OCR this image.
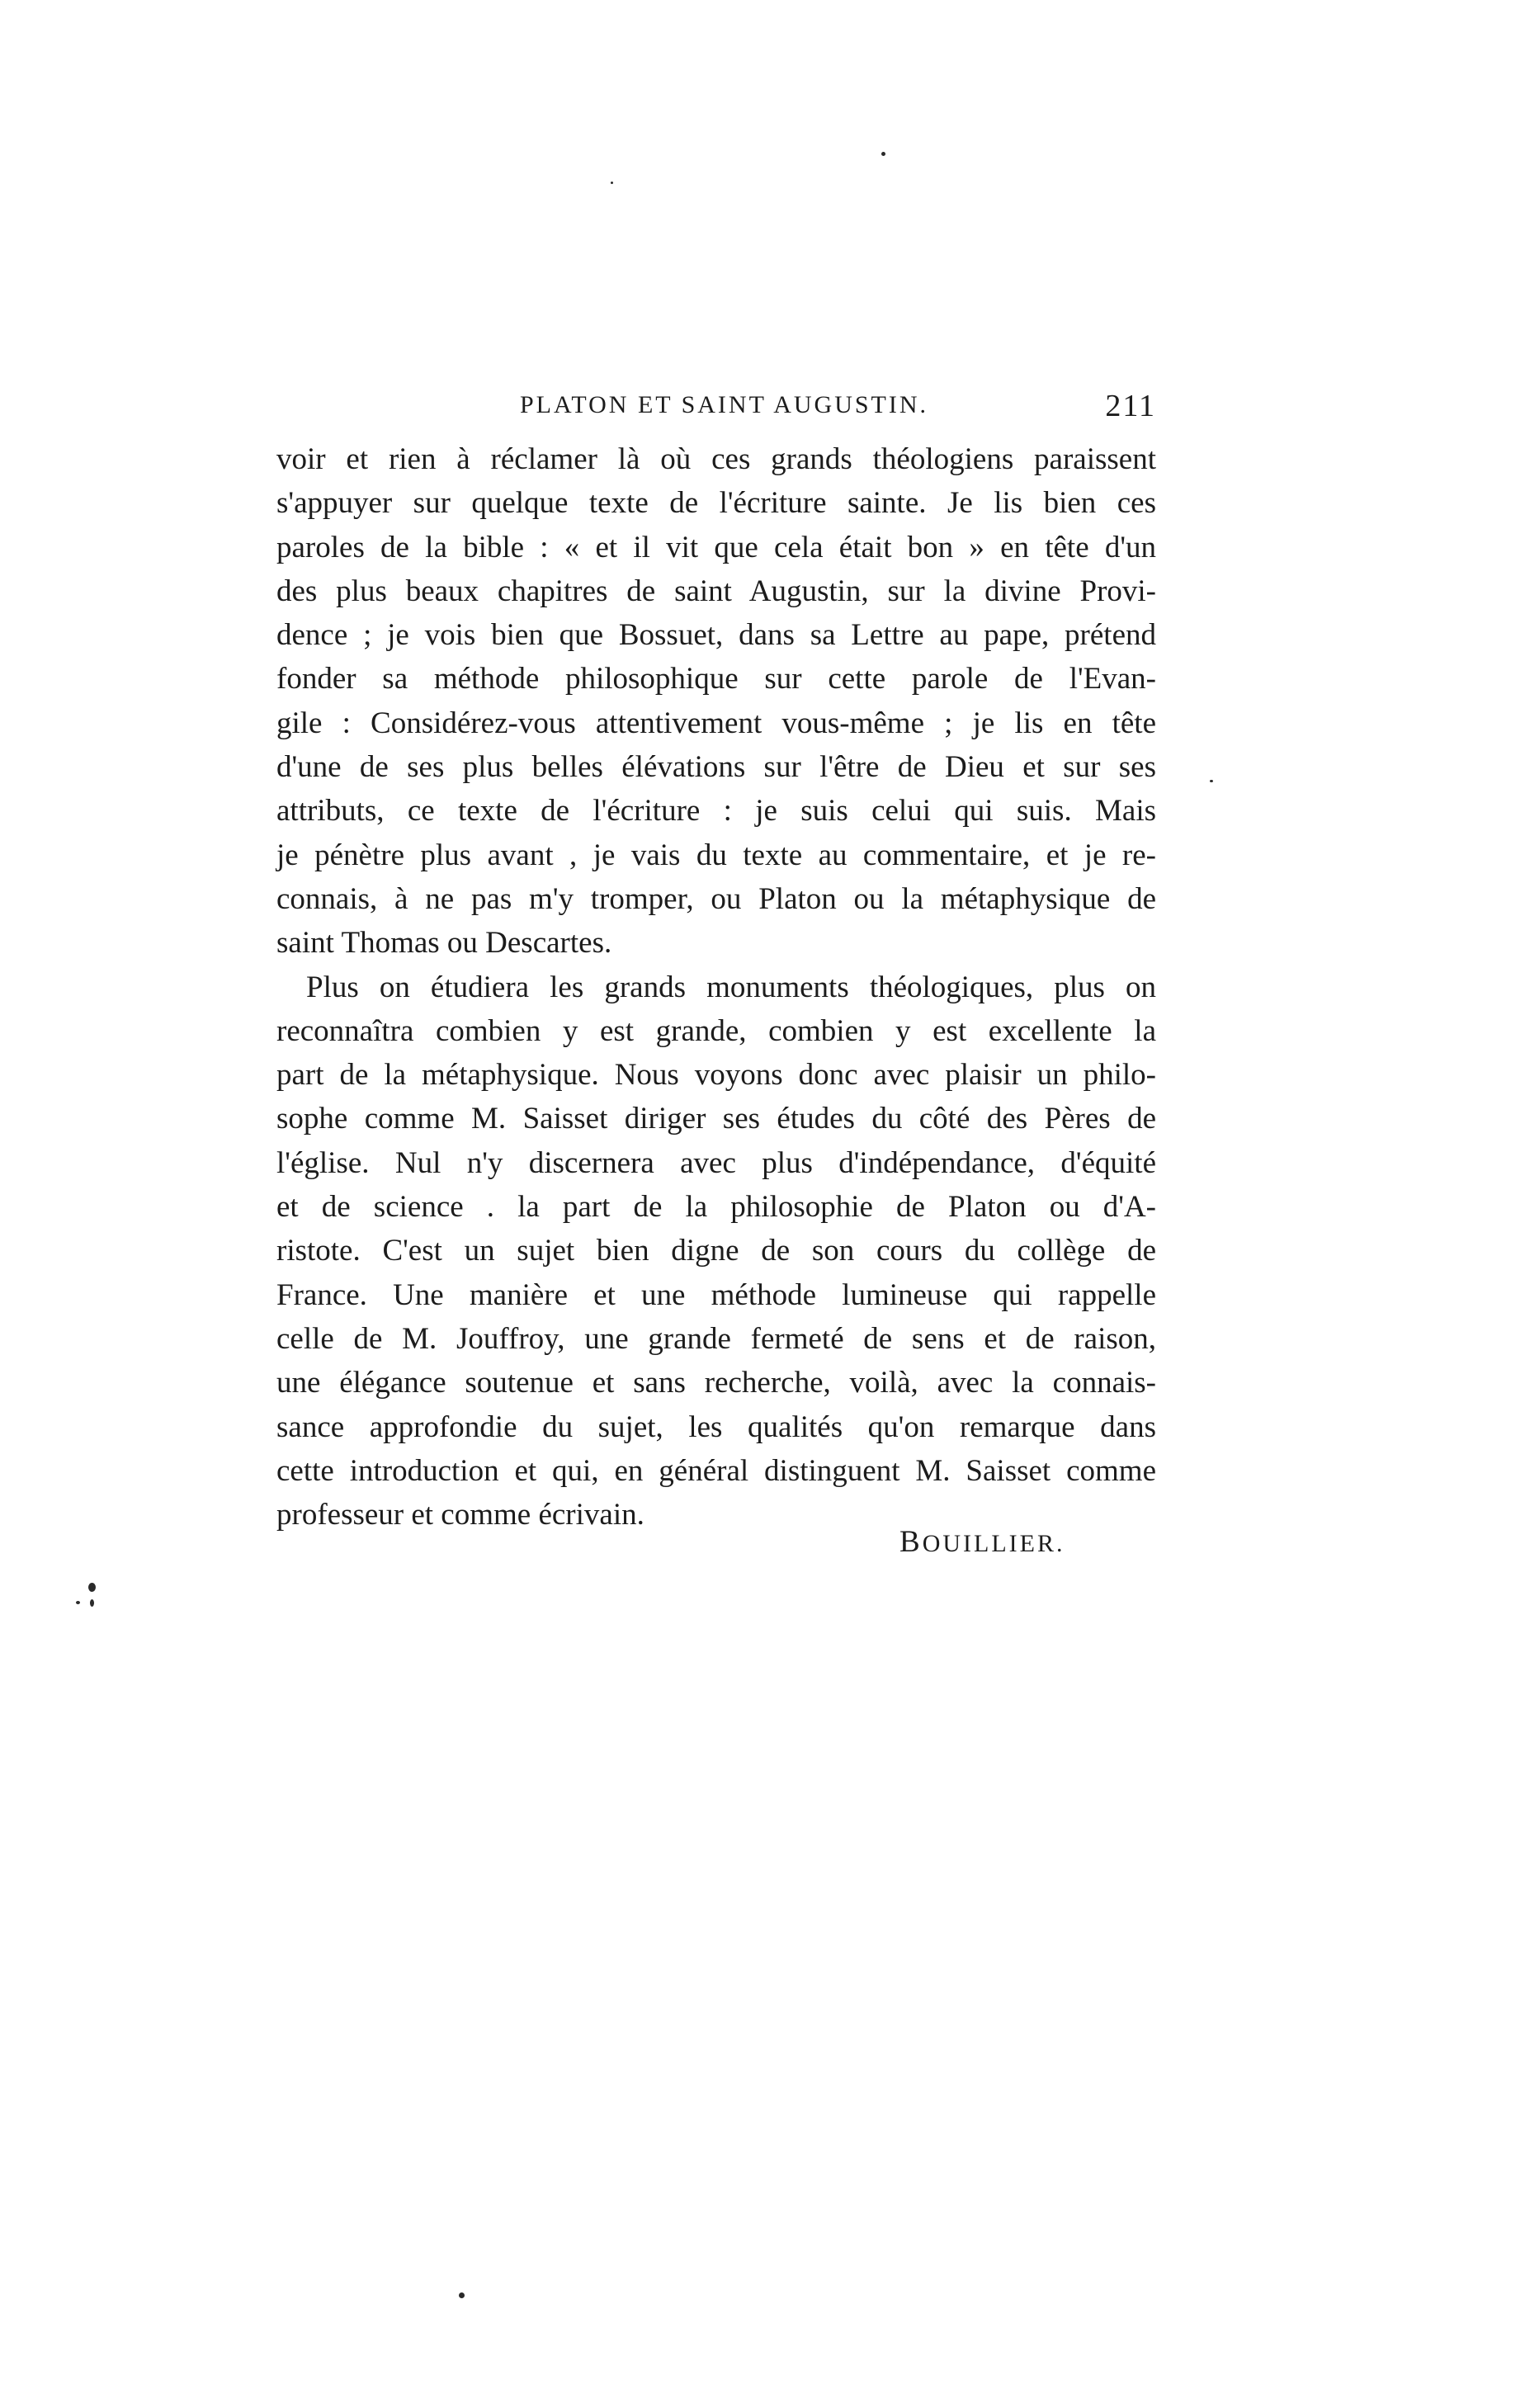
PLATON ET SAINT AUGUSTIN.	211
voir et rien à réclamer là où ces grands théologiens paraissent
s'appuyer sur quelque texte de l'écriture sainte. Je lis bien ces
paroles de la bible : « et il vit que cela était bon » en tête d'un
des plus beaux chapitres de saint Augustin, sur la divine Provi-
dence ; je vois bien que Bossuet, dans sa Lettre au pape, prétend
fonder sa méthode philosophique sur cette parole de l'Evan-
gile : Considérez-vous attentivement vous-même ; je lis en tête
d'une de ses plus belles élévations sur l'être de Dieu et sur ses
attributs, ce texte de l'écriture : je suis celui qui suis. Mais
je pénètre plus avant , je vais du texte au commentaire, et je re-
connais, à ne pas m'y tromper, ou Platon ou la métaphysique de
saint Thomas ou Descartes.
Plus on étudiera les grands monuments théologiques, plus on
reconnaîtra combien y est grande, combien y est excellente la
part de la métaphysique. Nous voyons donc avec plaisir un philo-
sophe comme M. Saisset diriger ses études du côté des Pères de
l'église. Nul n'y discernera avec plus d'indépendance, d'équité
et de science . la part de la philosophie de Platon ou d'A-
ristote. C'est un sujet bien digne de son cours du collège de
France. Une manière et une méthode lumineuse qui rappelle
celle de M. Jouffroy, une grande fermeté de sens et de raison,
une élégance soutenue et sans recherche, voilà, avec la connais-
sance approfondie du sujet, les qualités qu'on remarque dans
cette introduction et qui, en général distinguent M. Saisset comme
professeur et comme écrivain.
BOUILLIER.
